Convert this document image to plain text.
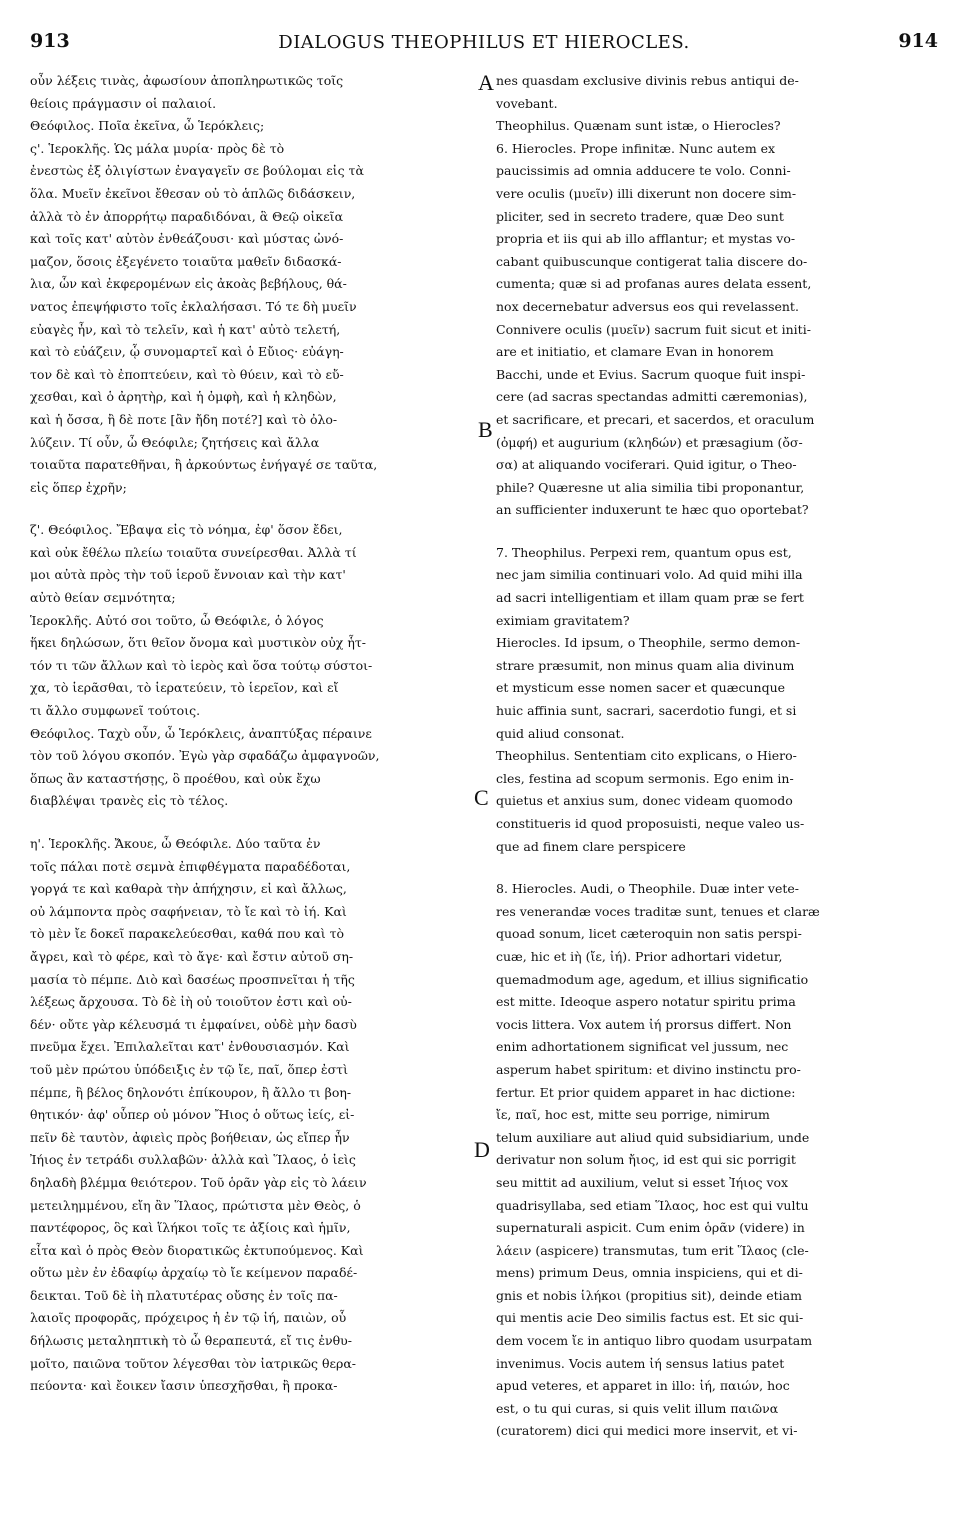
913	DIALOGUS THEOPHILUS ET HIEROCLES.	914

οὖν λέξεις τινὰς, ἀφωσίουν ἀποπληρωτικῶς τοῖς

θείοις πράγμασιν οἱ παλαιοί.

Θεόφιλος. Ποῖα ἐκεῖνα, ὦ Ἱερόκλεις;

ς'. Ἱεροκλῆς. Ὡς μάλα μυρία· πρὸς δὲ τὸ

ἐνεστὼς ἐξ ὀλιγίστων ἐναγαγεῖν σε βούλομαι εἰς τὰ

ὅλα. Μυεῖν ἐκεῖνοι ἔθεσαν οὐ τὸ ἁπλῶς διδάσκειν,

ἀλλὰ τὸ ἐν ἀπορρήτῳ παραδιδόναι, ἃ Θεῷ οἰκεῖα

καὶ τοῖς κατ' αὐτὸν ἐνθεάζουσι· καὶ μύστας ὠνό-

μαζον, ὅσοις ἐξεγένετο τοιαῦτα μαθεῖν διδασκά-

λια, ὧν καὶ ἐκφερομένων εἰς ἀκοὰς βεβήλους, θά-

νατος ἐπεψήφιστο τοῖς ἐκλαλήσασι. Τό τε δὴ μυεῖν

εὐαγὲς ἦν, καὶ τὸ τελεῖν, καὶ ἡ κατ' αὐτὸ τελετή,

καὶ τὸ εὐάζειν, ᾧ συνομαρτεῖ καὶ ὁ Εὔιος· εὐάγη-

τον δὲ καὶ τὸ ἐποπτεύειν, καὶ τὸ θύειν, καὶ τὸ εὔ-

χεσθαι, καὶ ὁ ἀρητὴρ, καὶ ἡ ὀμφὴ, καὶ ἡ κληδὼν,

καὶ ἡ ὄσσα, ἢ δὲ ποτε [ἂν ἤδη ποτέ?] καὶ τὸ ὀλο-

λύζειν. Τί οὖν, ὦ Θεόφιλε; ζητήσεις καὶ ἄλλα

τοιαῦτα παρατεθῆναι, ἢ ἀρκούντως ἐνήγαγέ σε ταῦτα,

εἰς ὅπερ ἐχρῆν;

ζ'. Θεόφιλος. Ἔβαψα εἰς τὸ νόημα, ἐφ' ὅσον ἔδει,

καὶ οὐκ ἔθέλω πλείω τοιαῦτα συνείρεσθαι. Ἀλλὰ τί

μοι αὐτὰ πρὸς τὴν τοῦ ἱεροῦ ἔννοιαν καὶ τὴν κατ'

αὐτὸ θείαν σεμνότητα;

Ἱεροκλῆς. Αὐτό σοι τοῦτο, ὦ Θεόφιλε, ὁ λόγος

ἥκει δηλώσων, ὅτι θεῖον ὄνομα καὶ μυστικὸν οὐχ ἧτ-

τόν τι τῶν ἄλλων καὶ τὸ ἱερὸς καὶ ὅσα τούτῳ σύστοι-

χα, τὸ ἱερᾶσθαι, τὸ ἱερατεύειν, τὸ ἱερεῖον, καὶ εἴ

τι ἄλλο συμφωνεῖ τούτοις.

Θεόφιλος. Ταχὺ οὖν, ὦ Ἱερόκλεις, ἀναπτύξας πέραινε

τὸν τοῦ λόγου σκοπόν. Ἐγὼ γὰρ σφαδάζω ἀμφαγνοῶν,

ὅπως ἂν καταστήσῃς, ὃ προέθου, καὶ οὐκ ἔχω

διαβλέψαι τρανὲς εἰς τὸ τέλος.

η'. Ἱεροκλῆς. Ἄκουε, ὦ Θεόφιλε. Δύο ταῦτα ἐν

τοῖς πάλαι ποτὲ σεμνὰ ἐπιφθέγματα παραδέδοται,

γοργά τε καὶ καθαρὰ τὴν ἀπήχησιν, εἰ καὶ ἄλλως,

οὐ λάμποντα πρὸς σαφήνειαν, τὸ ἴε καὶ τὸ ἰή. Καὶ

τὸ μὲν ἴε δοκεῖ παρακελεύεσθαι, καθά που καὶ τὸ

ἄγρει, καὶ τὸ φέρε, καὶ τὸ ἄγε· καὶ ἔστιν αὐτοῦ ση-

μασία τὸ πέμπε. Διὸ καὶ δασέως προσπνεῖται ἡ τῆς

λέξεως ἄρχουσα. Τὸ δὲ ἰὴ οὐ τοιοῦτον ἐστι καὶ οὐ-

δέν· οὔτε γὰρ κέλευσμά τι ἐμφαίνει, οὐδὲ μὴν δασὺ

πνεῦμα ἔχει. Ἐπιλαλεῖται κατ' ἐνθουσιασμόν. Καὶ

τοῦ μὲν πρώτου ὑπόδειξις ἐν τῷ ἴε, παῖ, ὅπερ ἐστὶ

πέμπε, ἢ βέλος δηλονότι ἐπίκουρον, ἢ ἄλλο τι βοη-

θητικόν· ἀφ' οὗπερ οὐ μόνον Ἤιος ὁ οὕτως ἰείς, εἰ-

πεῖν δὲ ταυτὸν, ἀφιεὶς πρὸς βοήθειαν, ὡς εἴπερ ἦν

Ἰήιος ἐν τετράδι συλλαβῶν· ἀλλὰ καὶ Ἵλαος, ὁ ἰεὶς

δηλαδὴ βλέμμα θειότερον. Τοῦ ὁρᾶν γὰρ εἰς τὸ λάειν

μετειλημμένου, εἴη ἂν Ἵλαος, πρώτιστα μὲν Θεὸς, ὁ

παντέφορος, ὃς καὶ ἵλήκοι τοῖς τε ἀξίοις καὶ ἡμῖν,

εἶτα καὶ ὁ πρὸς Θεὸν διορατικῶς ἐκτυπούμενος. Καὶ

οὕτω μὲν ἐν ἐδαφίῳ ἀρχαίῳ τὸ ἴε κείμενον παραδέ-

δεικται. Τοῦ δὲ ἰὴ πλατυτέρας οὔσης ἐν τοῖς πα-

λαιοῖς προφορᾶς, πρόχειρος ἡ ἐν τῷ ἰή, παιὼν, οὗ

δήλωσις μεταληπτικὴ τὸ ὦ θεραπευτά, εἴ τις ἐνθυ-

μοῖτο, παιῶνα τοῦτον λέγεσθαι τὸν ἰατρικῶς θερα-

πεύοντα· καὶ ἔοικεν ἴασιν ὑπεσχῆσθαι, ἢ προκα-

nes quasdam exclusive divinis rebus antiqui de-

vovebant.

Theophilus. Quænam sunt istæ, o Hierocles?

6. Hierocles. Prope infinitæ. Nunc autem ex

paucissimis ad omnia adducere te volo. Conni-

vere oculis (μυεῖν) illi dixerunt non docere sim-

pliciter, sed in secreto tradere, quæ Deo sunt

propria et iis qui ab illo afflantur; et mystas vo-

cabant quibuscunque contigerat talia discere do-

cumenta; quæ si ad profanas aures delata essent,

nox decernebatur adversus eos qui revelassent.

Connivere oculis (μυεῖν) sacrum fuit sicut et initi-

are et initiatio, et clamare Evan in honorem

Bacchi, unde et Evius. Sacrum quoque fuit inspi-

cere (ad sacras spectandas admitti cæremonias),

et sacrificare, et precari, et sacerdos, et oraculum

(ὀμφή) et augurium (κληδών) et præsagium (ὄσ-

σα) at aliquando vociferari. Quid igitur, o Theo-

phile? Quæresne ut alia similia tibi proponantur,

an sufficienter induxerunt te hæc quo oportebat?

7. Theophilus. Perpexi rem, quantum opus est,

nec jam similia continuari volo. Ad quid mihi illa

ad sacri intelligentiam et illam quam præ se fert

eximiam gravitatem?

Hierocles. Id ipsum, o Theophile, sermo demon-

strare præsumit, non minus quam alia divinum

et mysticum esse nomen sacer et quæcunque

huic affinia sunt, sacrari, sacerdotio fungi, et si

quid aliud consonat.

Theophilus. Sententiam cito explicans, o Hiero-

cles, festina ad scopum sermonis. Ego enim in-

quietus et anxius sum, donec videam quomodo

constitueris id quod proposuisti, neque valeo us-

que ad finem clare perspicere

8. Hierocles. Audi, o Theophile. Duæ inter vete-

res venerandæ voces traditæ sunt, tenues et claræ

quoad sonum, licet cæteroquin non satis perspi-

cuæ, hic et iὴ (ἴε, ἰή). Prior adhortari videtur,

quemadmodum age, agedum, et illius significatio

est mitte. Ideoque aspero notatur spiritu prima

vocis littera. Vox autem ἰή prorsus differt. Non

enim adhortationem significat vel jussum, nec

asperum habet spiritum: et divino instinctu pro-

fertur. Et prior quidem apparet in hac dictione:

ἴε, παῖ, hoc est, mitte seu porrige, nimirum

telum auxiliare aut aliud quid subsidiarium, unde

derivatur non solum ἤιος, id est qui sic porrigit

seu mittit ad auxilium, velut si esset Ἰήιος vox

quadrisyllaba, sed etiam Ἵλαος, hoc est qui vultu

supernaturali aspicit. Cum enim ὁρᾶν (videre) in

λάειν (aspicere) transmutas, tum erit Ἵλαος (cle-

mens) primum Deus, omnia inspiciens, qui et di-

gnis et nobis ἱλήκοι (propitius sit), deinde etiam

qui mentis acie Deo similis factus est. Et sic qui-

dem vocem ἴε in antiquo libro quodam usurpatam

invenimus. Vocis autem ἰή sensus latius patet

apud veteres, et apparet in illo: ἰή, παιών, hoc

est, o tu qui curas, si quis velit illum παιῶνα

(curatorem) dici qui medici more inservit, et vi-

A
B
C
D
